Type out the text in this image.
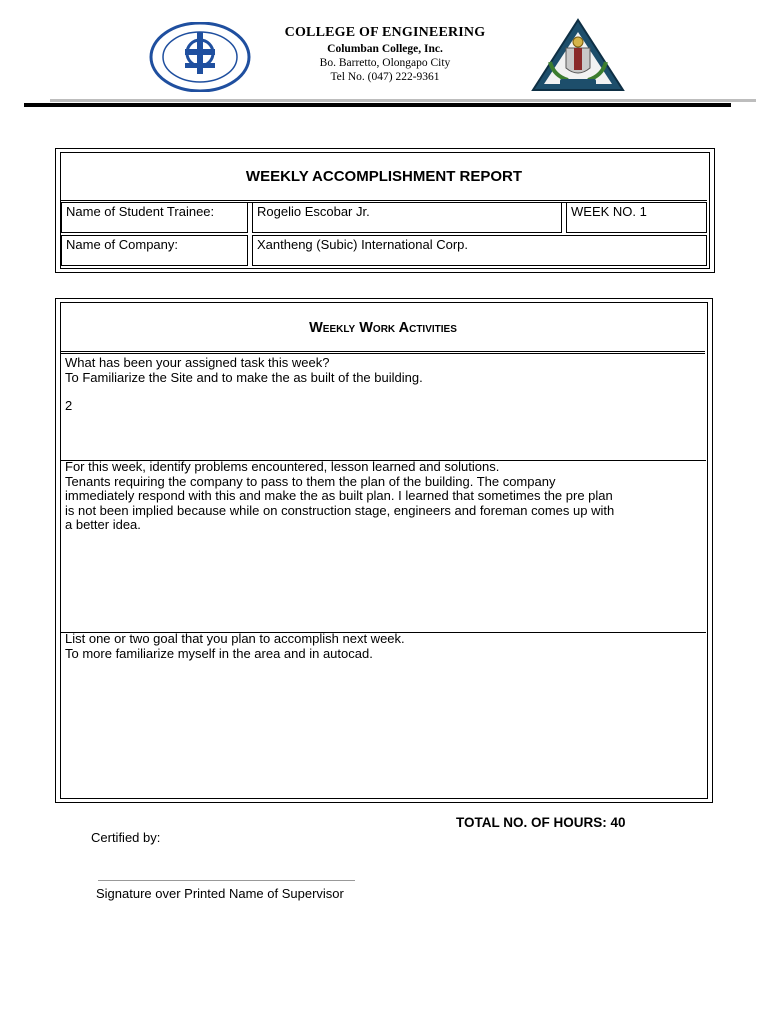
COLLEGE OF ENGINEERING
Columban College, Inc.
Bo. Barretto, Olongapo City
Tel No. (047) 222-9361
WEEKLY ACCOMPLISHMENT REPORT
Name of Student Trainee:	Rogelio Escobar Jr.	WEEK NO. 1
Name of Company:	Xantheng (Subic) International Corp.
Weekly Work Activities
What has been your assigned task this week?
To Familiarize the Site and to make the as built of the building.
2
For this week, identify problems encountered, lesson learned and solutions.
Tenants requiring the company to pass to them the plan of the building. The company
immediately respond with this and make the as built plan. I learned that sometimes the pre plan
is not been implied because while on construction stage, engineers and foreman comes up with
a better idea.
List one or two goal that you plan to accomplish next week.
To more familiarize myself in the area and in autocad.
TOTAL NO. OF HOURS: 40
Certified by:
Signature over Printed Name of Supervisor
